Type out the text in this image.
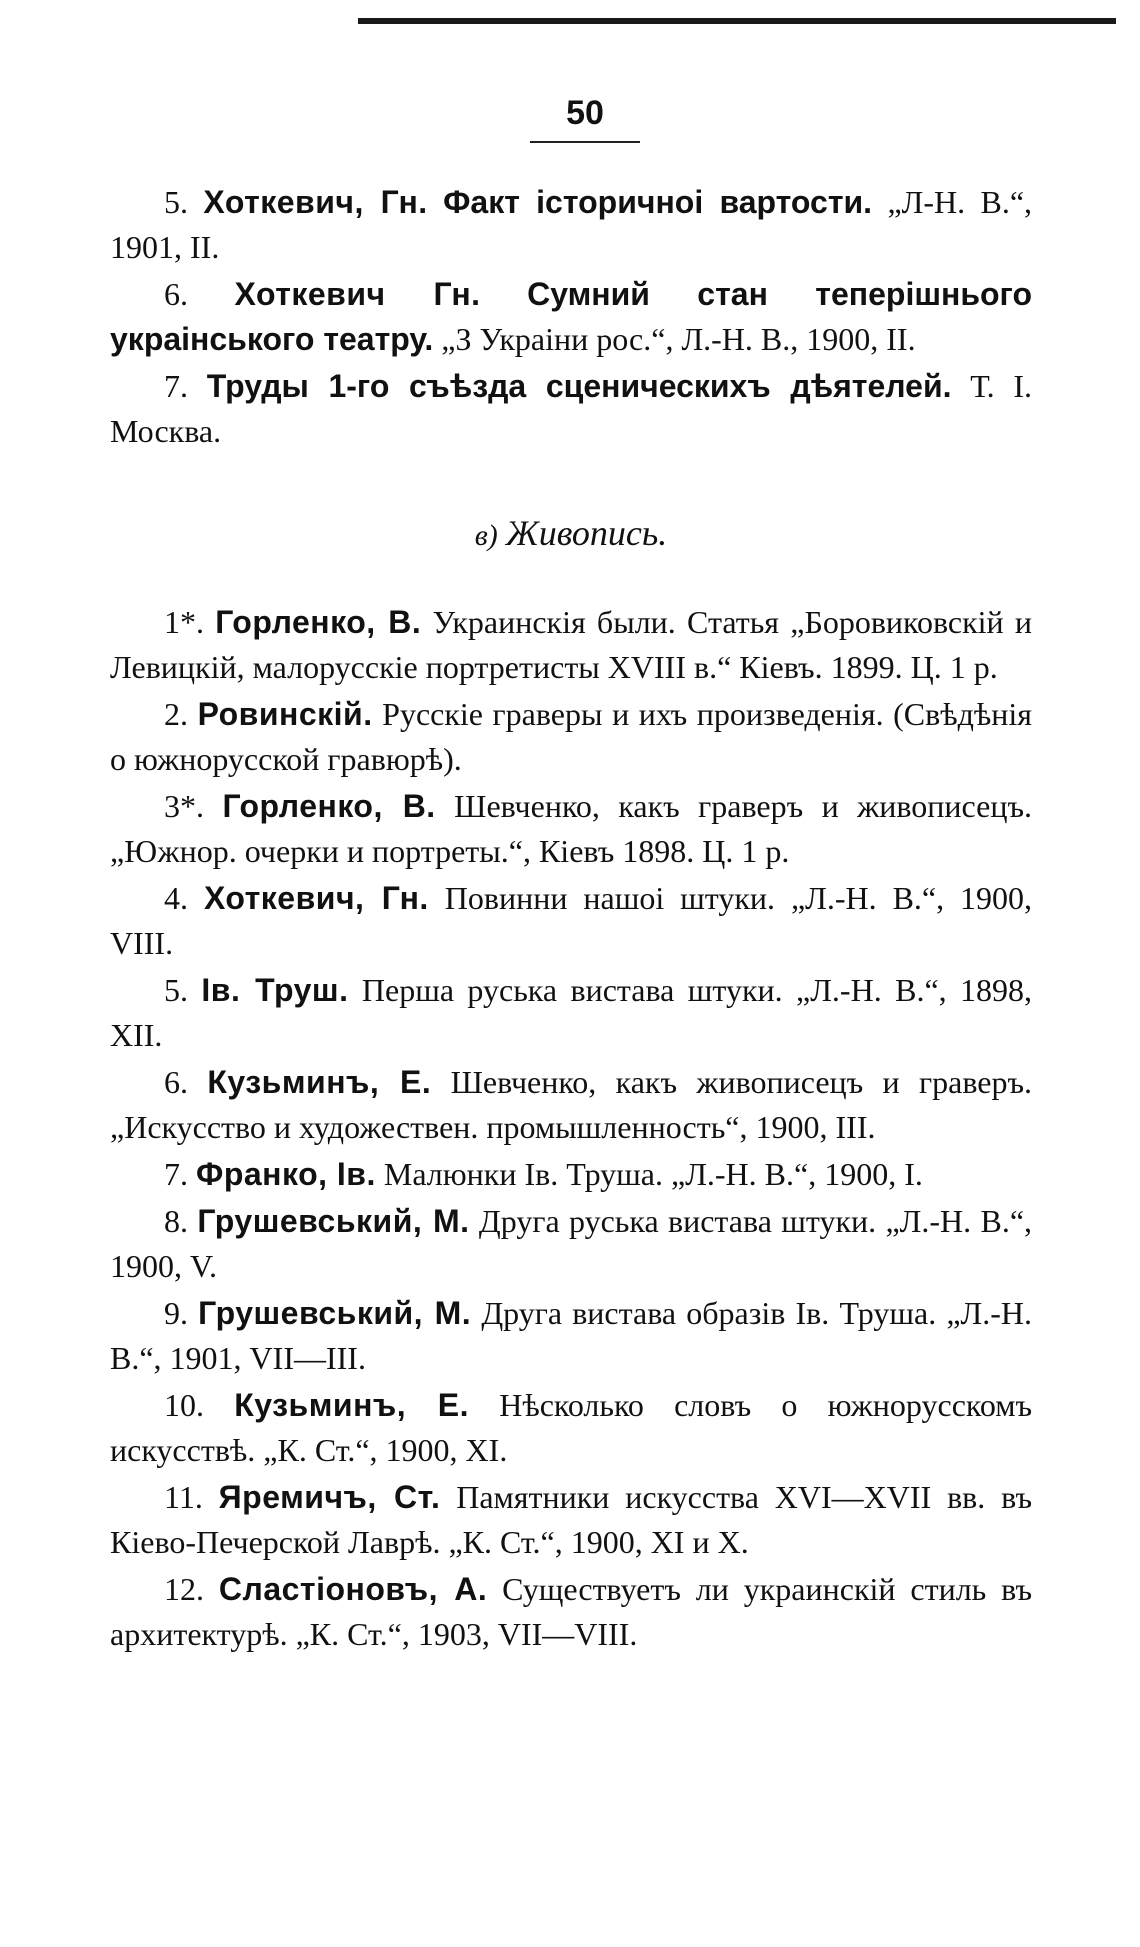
50

5. Хоткевич, Гн. Факт історичноі вартости. „Л-Н. В.“, 1901, II.

6. Хоткевич Гн. Сумний стан теперішнього украінського театру. „З Украіни рос.“, Л.-Н. В., 1900, II.

7. Труды 1-го съѣзда сценическихъ дѣятелей. Т. I. Москва.

в) Живопись.

1*. Горленко, В. Украинскія были. Статья „Боровиковскій и Левицкій, малорусскіе портретисты XVIII в.“ Кіевъ. 1899. Ц. 1 р.

2. Ровинскій. Русскіе граверы и ихъ произведенія. (Свѣдѣнія о южнорусской гравюрѣ).

3*. Горленко, В. Шевченко, какъ граверъ и живописецъ. „Южнор. очерки и портреты.“, Кіевъ 1898. Ц. 1 р.

4. Хоткевич, Гн. Повинни нашоі штуки. „Л.-Н. В.“, 1900, VIII.

5. Ів. Труш. Перша руська вистава штуки. „Л.-Н. В.“, 1898, XII.

6. Кузьминъ, Е. Шевченко, какъ живописецъ и граверъ. „Искусство и художествен. промышленность“, 1900, III.

7. Франко, Ів. Малюнки Ів. Труша. „Л.-Н. В.“, 1900, I.

8. Грушевський, М. Друга руська вистава штуки. „Л.-Н. В.“, 1900, V.

9. Грушевський, М. Друга вистава образів Ів. Труша. „Л.-Н. В.“, 1901, VII—III.

10. Кузьминъ, Е. Нѣсколько словъ о южнорусскомъ искусствѣ. „К. Ст.“, 1900, XI.

11. Яремичъ, Ст. Памятники искусства XVI—XVII вв. въ Кіево-Печерской Лаврѣ. „К. Ст.“, 1900, XI и X.

12. Сластіоновъ, А. Существуетъ ли украинскій стиль въ архитектурѣ. „К. Ст.“, 1903, VII—VIII.
